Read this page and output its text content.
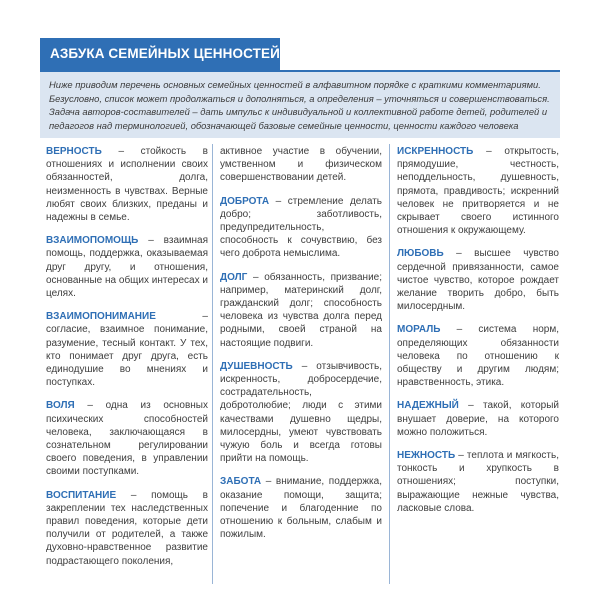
АЗБУКА СЕМЕЙНЫХ ЦЕННОСТЕЙ

Ниже приводим перечень основных семейных ценностей в алфавитном порядке с краткими комментариями. Безусловно, список может продолжаться и дополняться, а определения – уточняться и совершенствоваться. Задача авторов-составителей – дать импульс к индивидуальной и коллективной работе детей, родителей и педагогов над терминологией, обозначающей базовые семейные ценности, ценности каждого человека

ВЕРНОСТЬ – стойкость в отношениях и исполнении своих обязанностей, долга, неизменность в чувствах. Верные любят своих близких, преданы и надежны в семье.

ВЗАИМОПОМОЩЬ – взаимная помощь, поддержка, оказываемая друг другу, и отношения, основанные на общих интересах и целях.

ВЗАИМОПОНИМАНИЕ – согласие, взаимное понимание, разумение, тесный контакт. У тех, кто понимает друг друга, есть единодушие во мнениях и поступках.

ВОЛЯ – одна из основных психических способностей человека, заключающаяся в сознательном регулировании своего поведения, в управлении своими поступками.

ВОСПИТАНИЕ – помощь в закреплении тех наследственных правил поведения, которые дети получили от родителей, а также духовно-нравственное развитие подрастающего поколения,

активное участие в обучении, умственном и физическом совершенствовании детей.

ДОБРОТА – стремление делать добро; заботливость, предупредительность, способность к сочувствию, без чего доброта немыслима.

ДОЛГ – обязанность, призвание; например, материнский долг, гражданский долг; способность человека из чувства долга перед родными, своей страной на настоящие подвиги.

ДУШЕВНОСТЬ – отзывчивость, искренность, добросердечие, сострадательность, добротолюбие; люди с этими качествами душевно щедры, милосердны, умеют чувствовать чужую боль и всегда готовы прийти на помощь.

ЗАБОТА – внимание, поддержка, оказание помощи, защита; попечение и благоденние по отношению к больным, слабым и пожилым.

ИСКРЕННОСТЬ – открытость, прямодушие, честность, неподдельность, душевность, прямота, правдивость; искренний человек не притворяется и не скрывает своего истинного отношения к окружающему.

ЛЮБОВЬ – высшее чувство сердечной привязанности, самое чистое чувство, которое рождает желание творить добро, быть милосердным.

МОРАЛЬ – система норм, определяющих обязанности человека по отношению к обществу и другим людям; нравственность, этика.

НАДЕЖНЫЙ – такой, который внушает доверие, на которого можно положиться.

НЕЖНОСТЬ – теплота и мягкость, тонкость и хрупкость в отношениях; поступки, выражающие нежные чувства, ласковые слова.
